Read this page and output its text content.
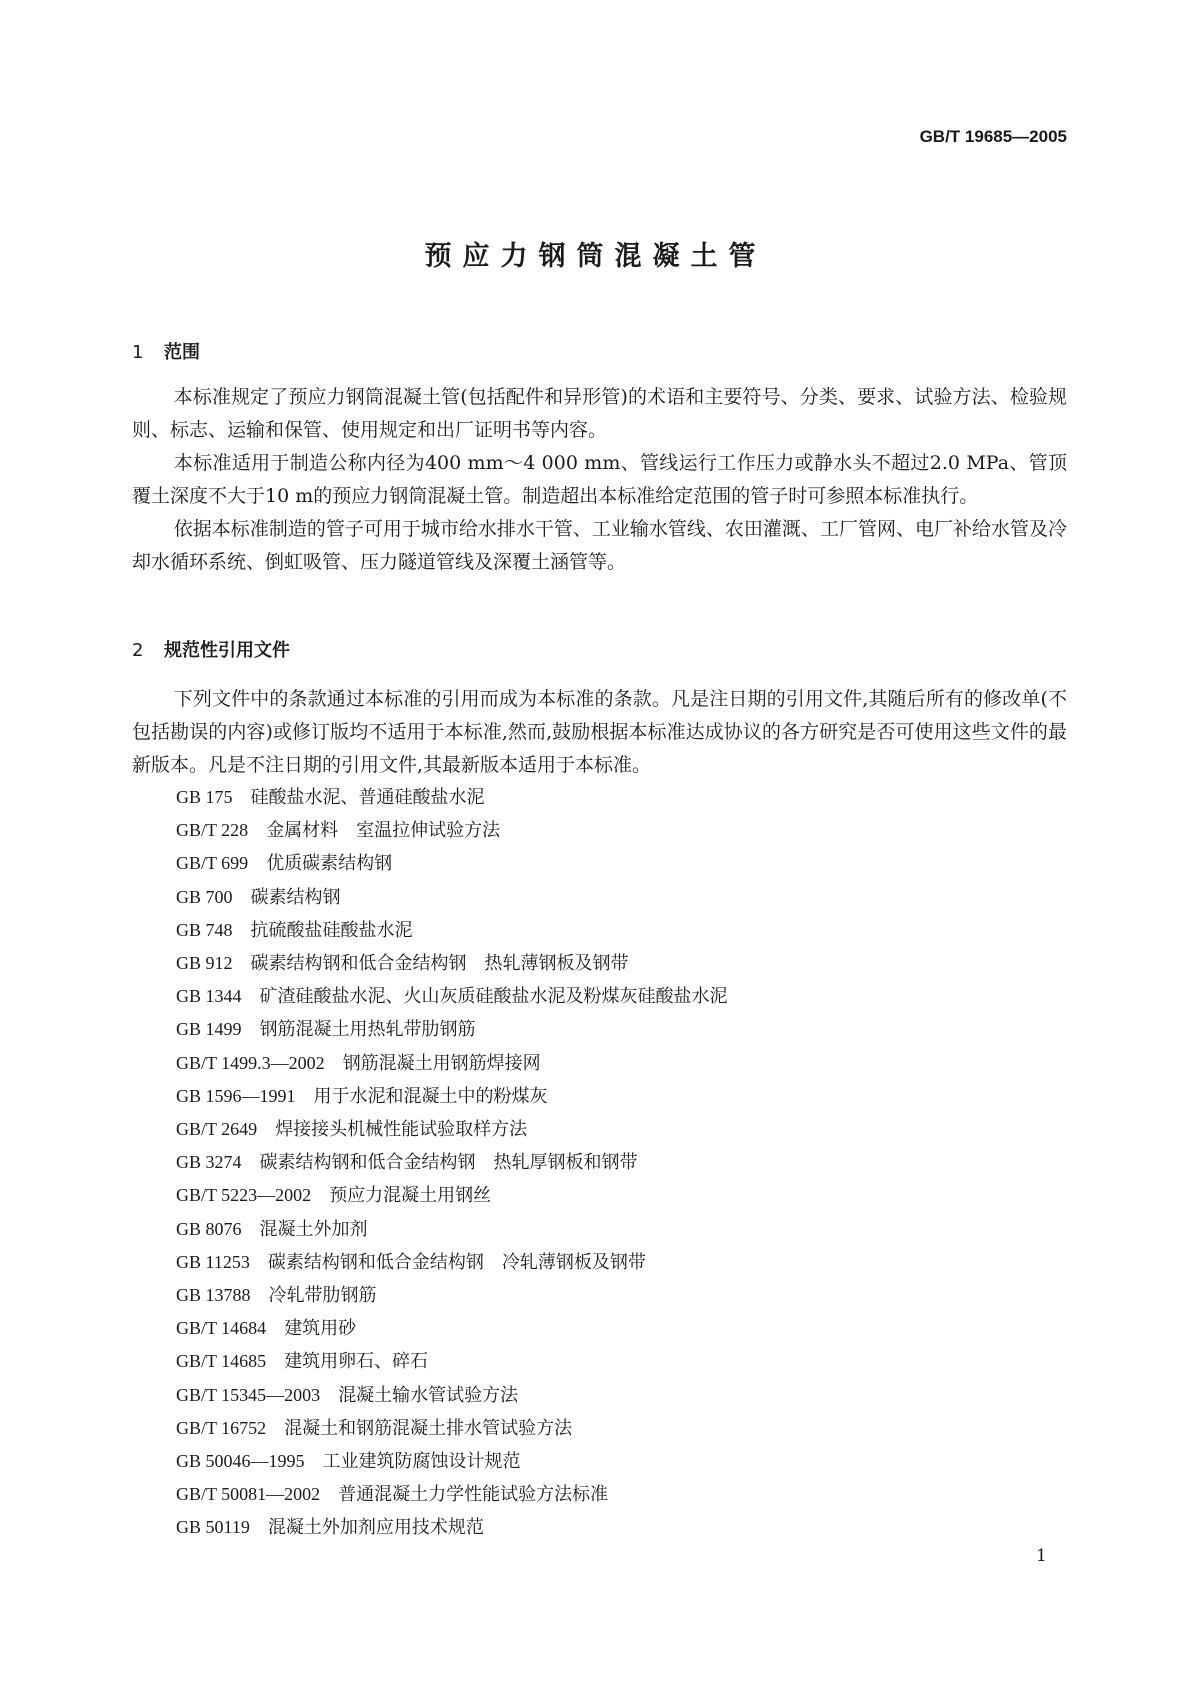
GB/T 19685—2005
预应力钢筒混凝土管
1 范围

本标准规定了预应力钢筒混凝土管(包括配件和异形管)的术语和主要符号、分类、要求、试验方法、检验规则、标志、运输和保管、使用规定和出厂证明书等内容。

本标准适用于制造公称内径为400 mm～4 000 mm、管线运行工作压力或静水头不超过2.0 MPa、管顶覆土深度不大于10 m的预应力钢筒混凝土管。制造超出本标准给定范围的管子时可参照本标准执行。

依据本标准制造的管子可用于城市给水排水干管、工业输水管线、农田灌溉、工厂管网、电厂补给水管及冷却水循环系统、倒虹吸管、压力隧道管线及深覆土涵管等。

2 规范性引用文件

下列文件中的条款通过本标准的引用而成为本标准的条款。凡是注日期的引用文件,其随后所有的修改单(不包括勘误的内容)或修订版均不适用于本标准,然而,鼓励根据本标准达成协议的各方研究是否可使用这些文件的最新版本。凡是不注日期的引用文件,其最新版本适用于本标准。

GB 175 硅酸盐水泥、普通硅酸盐水泥
GB/T 228 金属材料　室温拉伸试验方法
GB/T 699 优质碳素结构钢
GB 700 碳素结构钢
GB 748 抗硫酸盐硅酸盐水泥
GB 912 碳素结构钢和低合金结构钢　热轧薄钢板及钢带
GB 1344 矿渣硅酸盐水泥、火山灰质硅酸盐水泥及粉煤灰硅酸盐水泥
GB 1499 钢筋混凝土用热轧带肋钢筋
GB/T 1499.3—2002 钢筋混凝土用钢筋焊接网
GB 1596—1991 用于水泥和混凝土中的粉煤灰
GB/T 2649 焊接接头机械性能试验取样方法
GB 3274 碳素结构钢和低合金结构钢　热轧厚钢板和钢带
GB/T 5223—2002 预应力混凝土用钢丝
GB 8076 混凝土外加剂
GB 11253 碳素结构钢和低合金结构钢　冷轧薄钢板及钢带
GB 13788 冷轧带肋钢筋
GB/T 14684 建筑用砂
GB/T 14685 建筑用卵石、碎石
GB/T 15345—2003 混凝土输水管试验方法
GB/T 16752 混凝土和钢筋混凝土排水管试验方法
GB 50046—1995 工业建筑防腐蚀设计规范
GB/T 50081—2002 普通混凝土力学性能试验方法标准
GB 50119 混凝土外加剂应用技术规范
1
